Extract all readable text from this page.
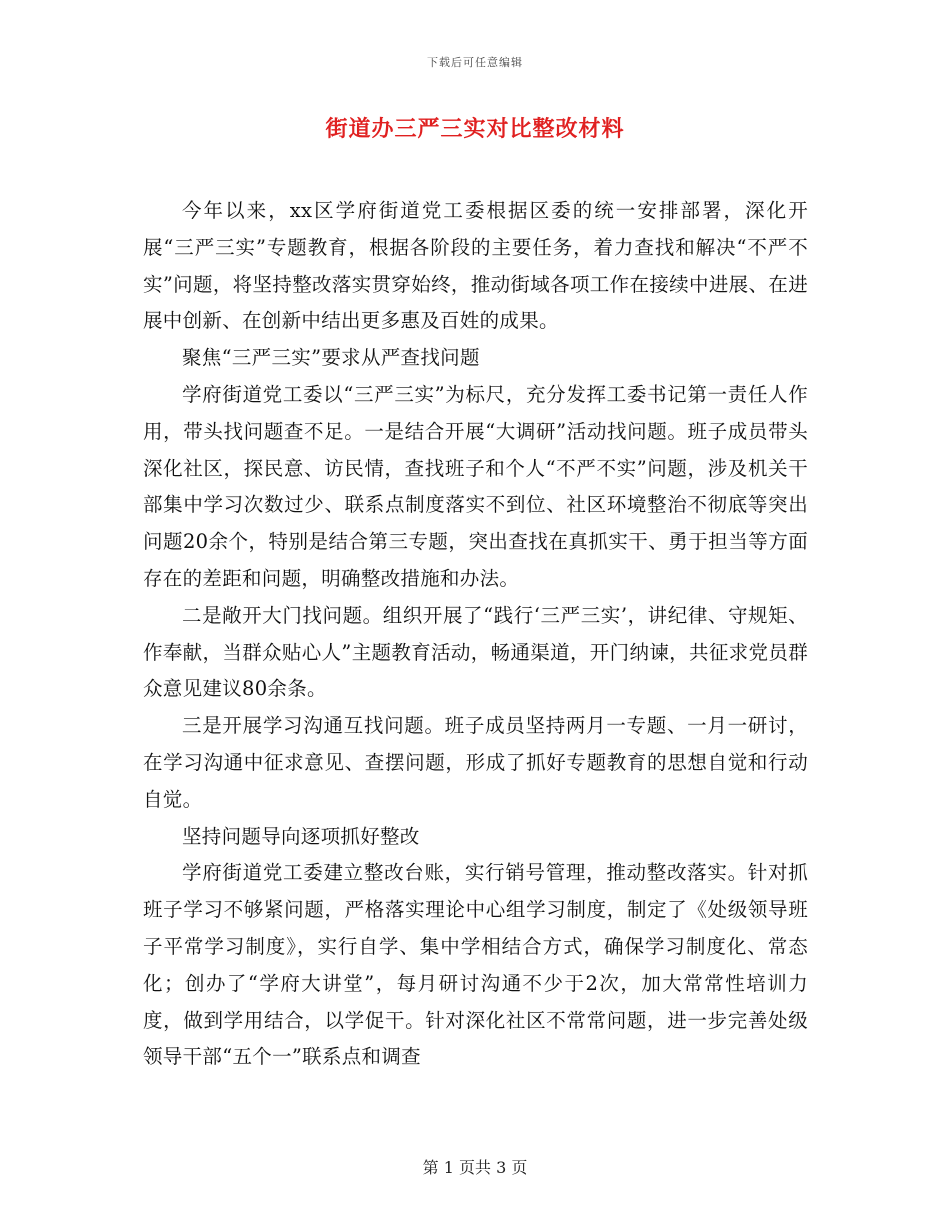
下载后可任意编辑
街道办三严三实对比整改材料

今年以来，xx区学府街道党工委根据区委的统一安排部署，深化开展“三严三实”专题教育，根据各阶段的主要任务，着力查找和解决“不严不实”问题，将坚持整改落实贯穿始终，推动街域各项工作在接续中进展、在进展中创新、在创新中结出更多惠及百姓的成果。

聚焦“三严三实”要求从严查找问题

学府街道党工委以“三严三实”为标尺，充分发挥工委书记第一责任人作用，带头找问题查不足。一是结合开展“大调研”活动找问题。班子成员带头深化社区，探民意、访民情，查找班子和个人“不严不实”问题，涉及机关干部集中学习次数过少、联系点制度落实不到位、社区环境整治不彻底等突出问题20余个，特别是结合第三专题，突出查找在真抓实干、勇于担当等方面存在的差距和问题，明确整改措施和办法。

二是敞开大门找问题。组织开展了“践行‘三严三实’，讲纪律、守规矩、作奉献，当群众贴心人”主题教育活动，畅通渠道，开门纳谏，共征求党员群众意见建议80余条。

三是开展学习沟通互找问题。班子成员坚持两月一专题、一月一研讨，在学习沟通中征求意见、查摆问题，形成了抓好专题教育的思想自觉和行动自觉。

坚持问题导向逐项抓好整改

学府街道党工委建立整改台账，实行销号管理，推动整改落实。针对抓班子学习不够紧问题，严格落实理论中心组学习制度，制定了《处级领导班子平常学习制度》，实行自学、集中学相结合方式，确保学习制度化、常态化；创办了“学府大讲堂”，每月研讨沟通不少于2次，加大常常性培训力度，做到学用结合，以学促干。针对深化社区不常常问题，进一步完善处级领导干部“五个一”联系点和调查

第 1 页共 3 页
